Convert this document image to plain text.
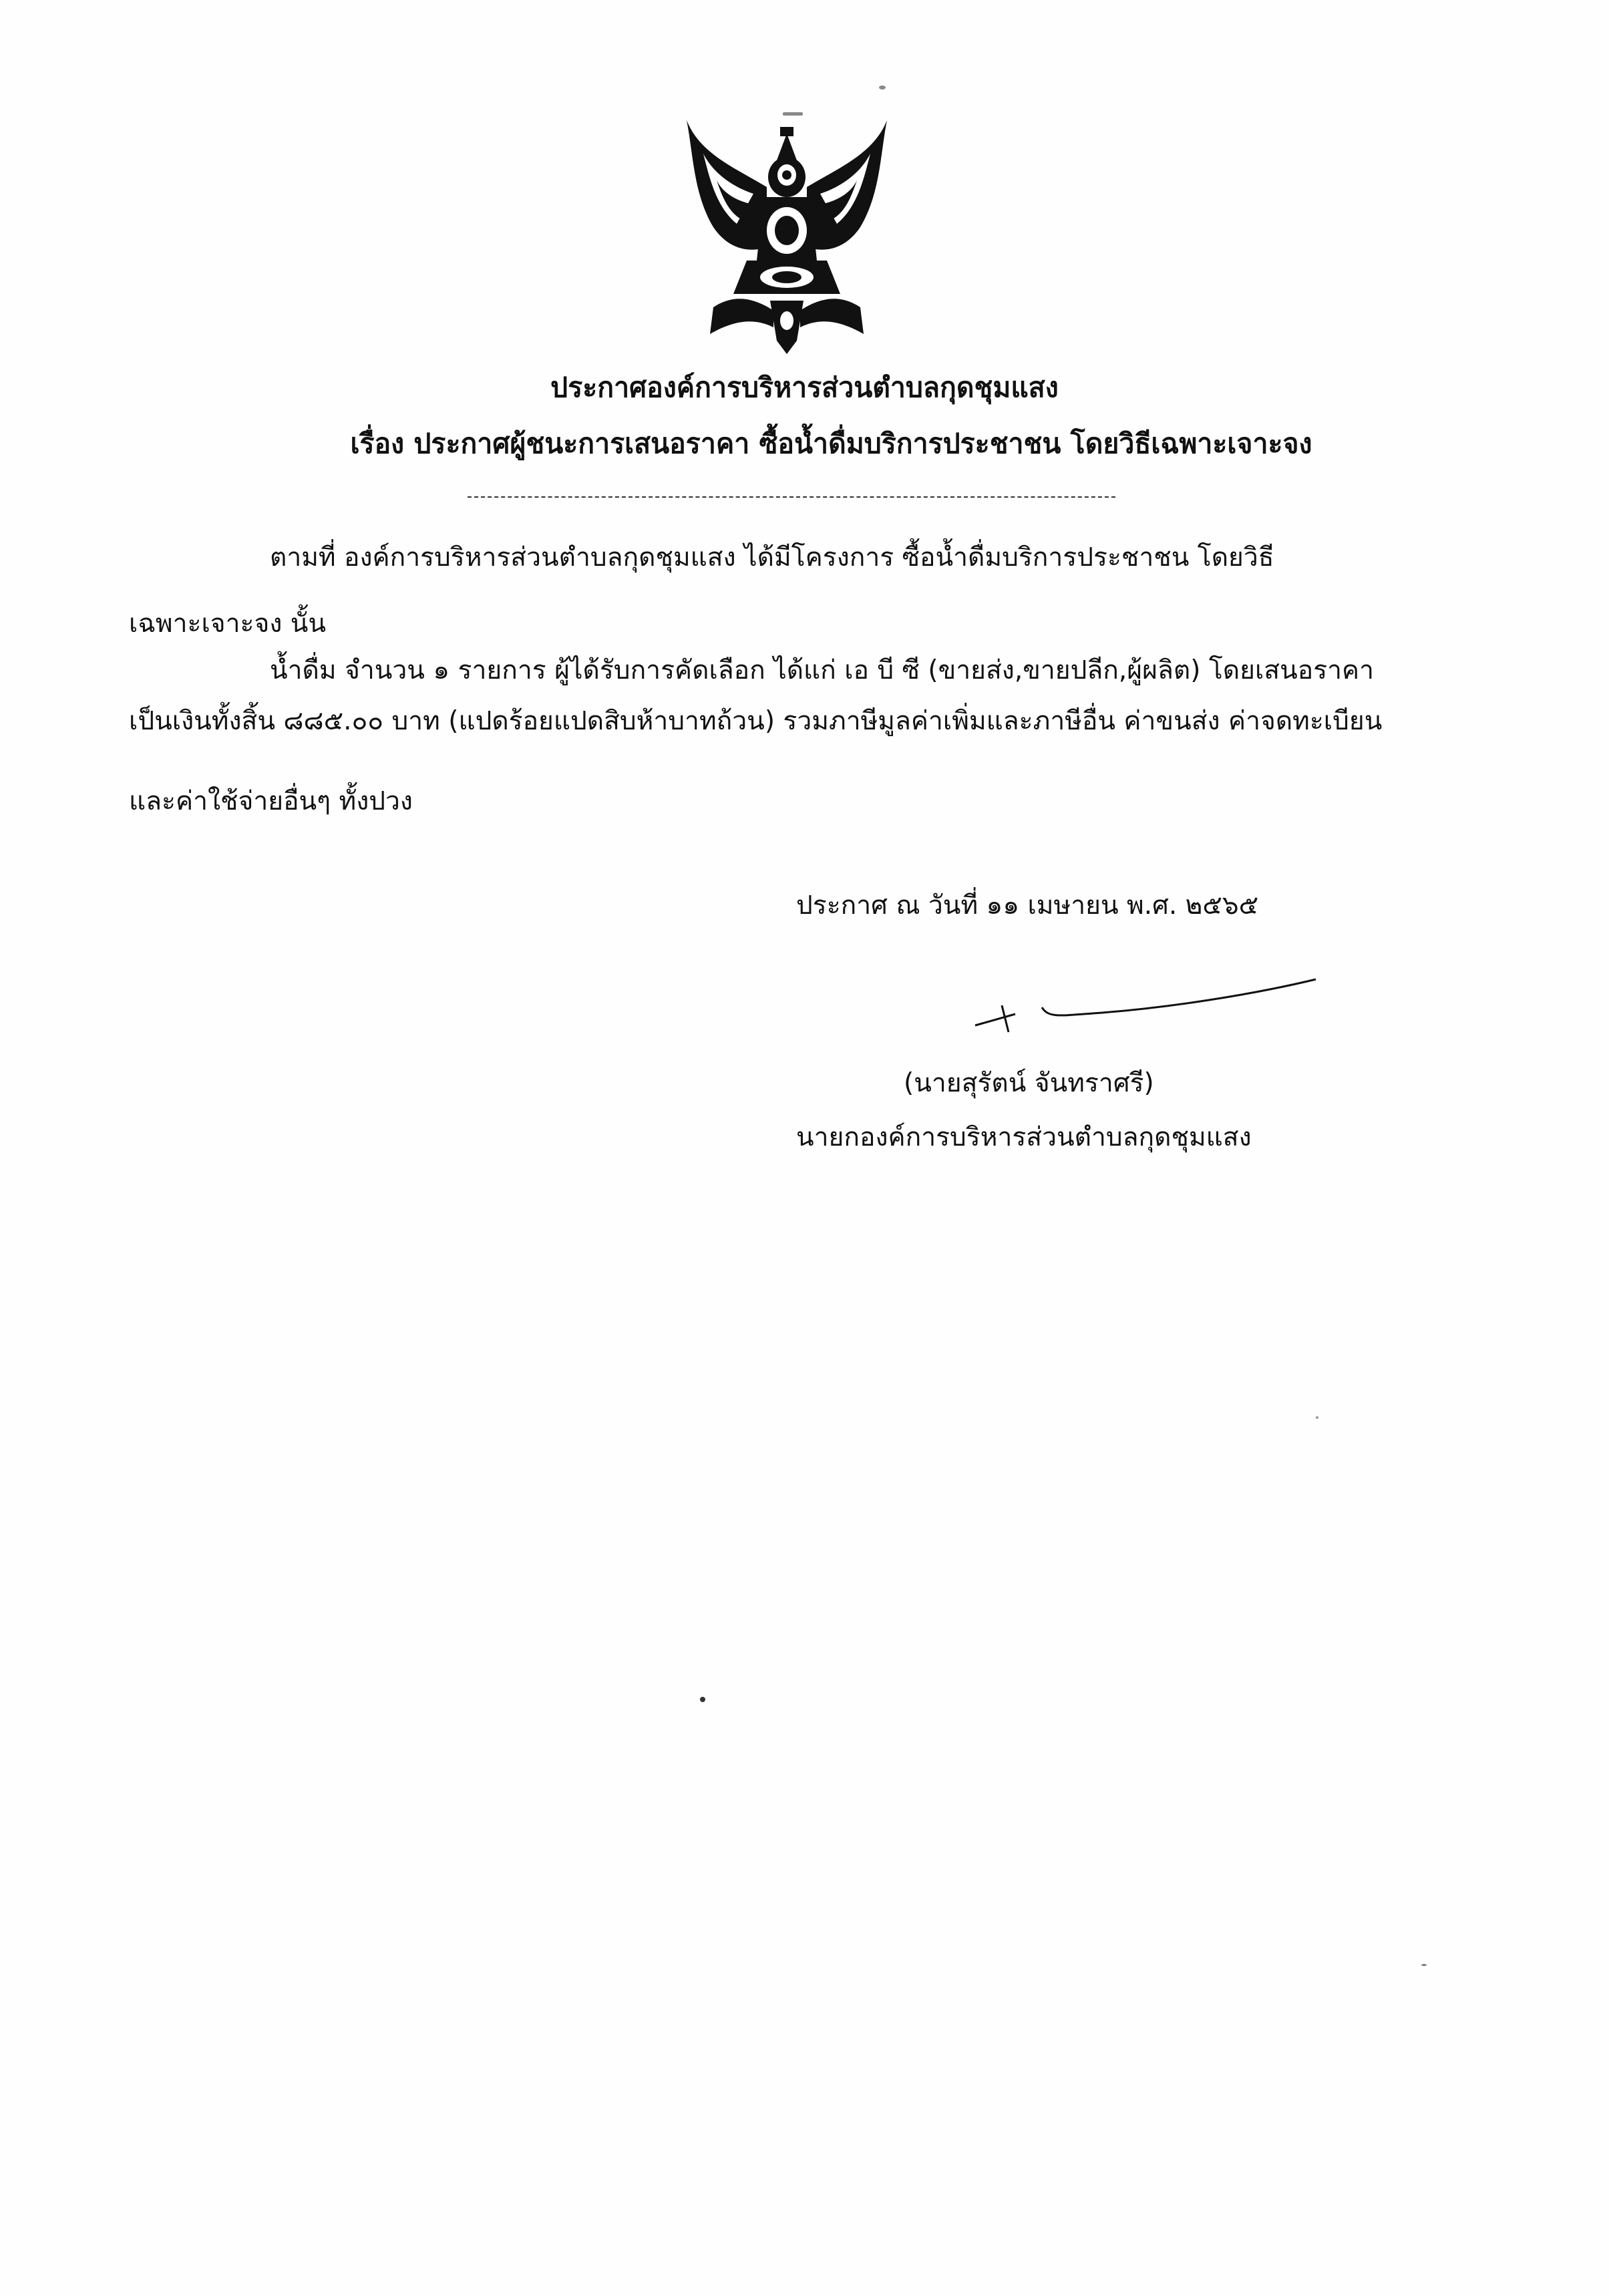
ประกาศองค์การบริหารส่วนตำบลกุดชุมแสง
เรื่อง ประกาศผู้ชนะการเสนอราคา ซื้อน้ำดื่มบริการประชาชน โดยวิธีเฉพาะเจาะจง
ตามที่ องค์การบริหารส่วนตำบลกุดชุมแสง ได้มีโครงการ ซื้อน้ำดื่มบริการประชาชน โดยวิธี
เฉพาะเจาะจง นั้น
น้ำดื่ม จำนวน ๑ รายการ ผู้ได้รับการคัดเลือก ได้แก่ เอ บี ซี (ขายส่ง,ขายปลีก,ผู้ผลิต) โดยเสนอราคา
เป็นเงินทั้งสิ้น ๘๘๕.๐๐ บาท (แปดร้อยแปดสิบห้าบาทถ้วน) รวมภาษีมูลค่าเพิ่มและภาษีอื่น ค่าขนส่ง ค่าจดทะเบียน
และค่าใช้จ่ายอื่นๆ ทั้งปวง
ประกาศ ณ วันที่ ๑๑ เมษายน พ.ศ. ๒๕๖๕
(นายสุรัตน์ จันทราศรี)
นายกองค์การบริหารส่วนตำบลกุดชุมแสง
